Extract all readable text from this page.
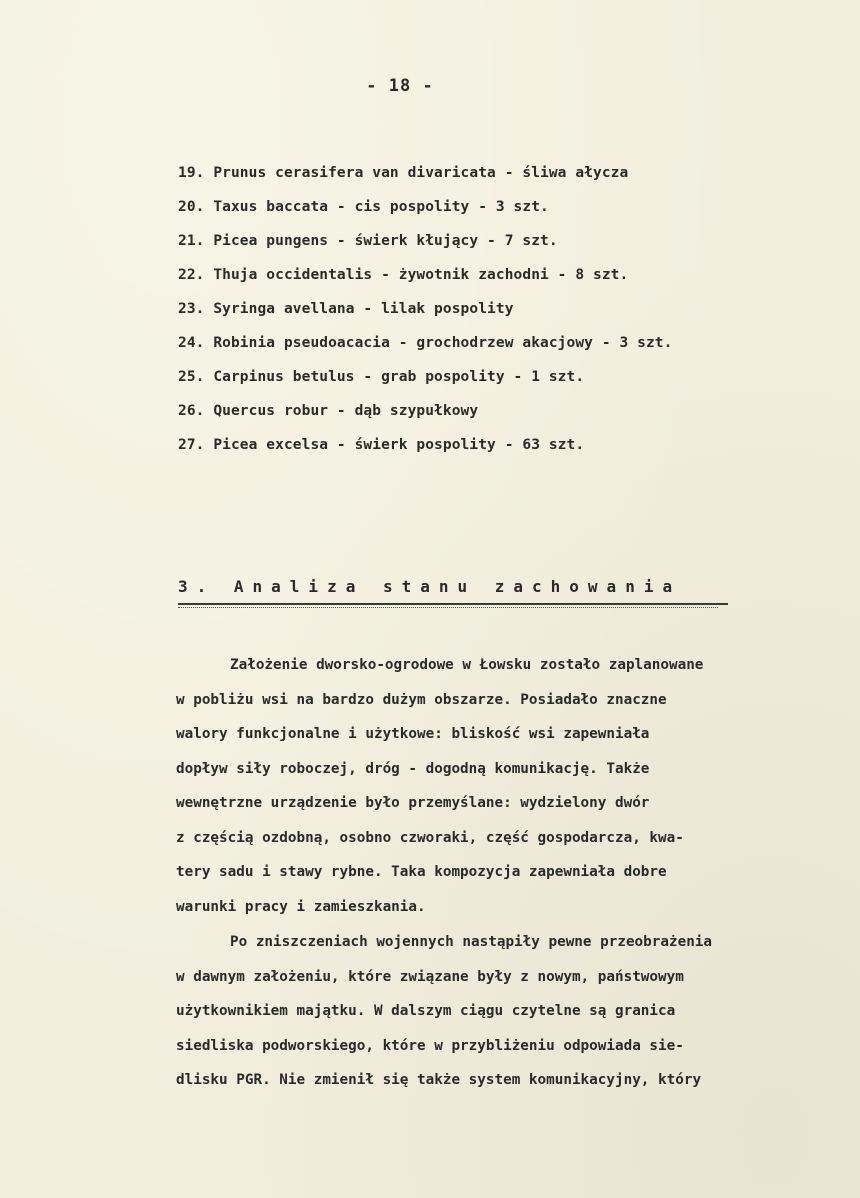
- 18 -
19. Prunus cerasifera van divaricata - śliwa ałycza
20. Taxus baccata - cis pospolity - 3 szt.
21. Picea pungens - świerk kłujący - 7 szt.
22. Thuja occidentalis - żywotnik zachodni - 8 szt.
23. Syringa avellana - lilak pospolity
24. Robinia pseudoacacia - grochodrzew akacjowy - 3 szt.
25. Carpinus betulus - grab pospolity - 1 szt.
26. Quercus robur - dąb szypułkowy
27. Picea excelsa - świerk pospolity - 63 szt.
3. Analiza stanu zachowania
Założenie dworsko-ogrodowe w Łowsku zostało zaplanowane
w pobliżu wsi na bardzo dużym obszarze. Posiadało znaczne
walory funkcjonalne i użytkowe: bliskość wsi zapewniała
dopływ siły roboczej, dróg - dogodną komunikację. Także
wewnętrzne urządzenie było przemyślane: wydzielony dwór
z częścią ozdobną, osobno czworaki, część gospodarcza, kwa-
tery sadu i stawy rybne. Taka kompozycja zapewniała dobre
warunki pracy i zamieszkania.
Po zniszczeniach wojennych nastąpiły pewne przeobrażenia
w dawnym założeniu, które związane były z nowym, państwowym
użytkownikiem majątku. W dalszym ciągu czytelne są granica
siedliska podworskiego, które w przybliżeniu odpowiada sie-
dlisku PGR. Nie zmienił się także system komunikacyjny, który
